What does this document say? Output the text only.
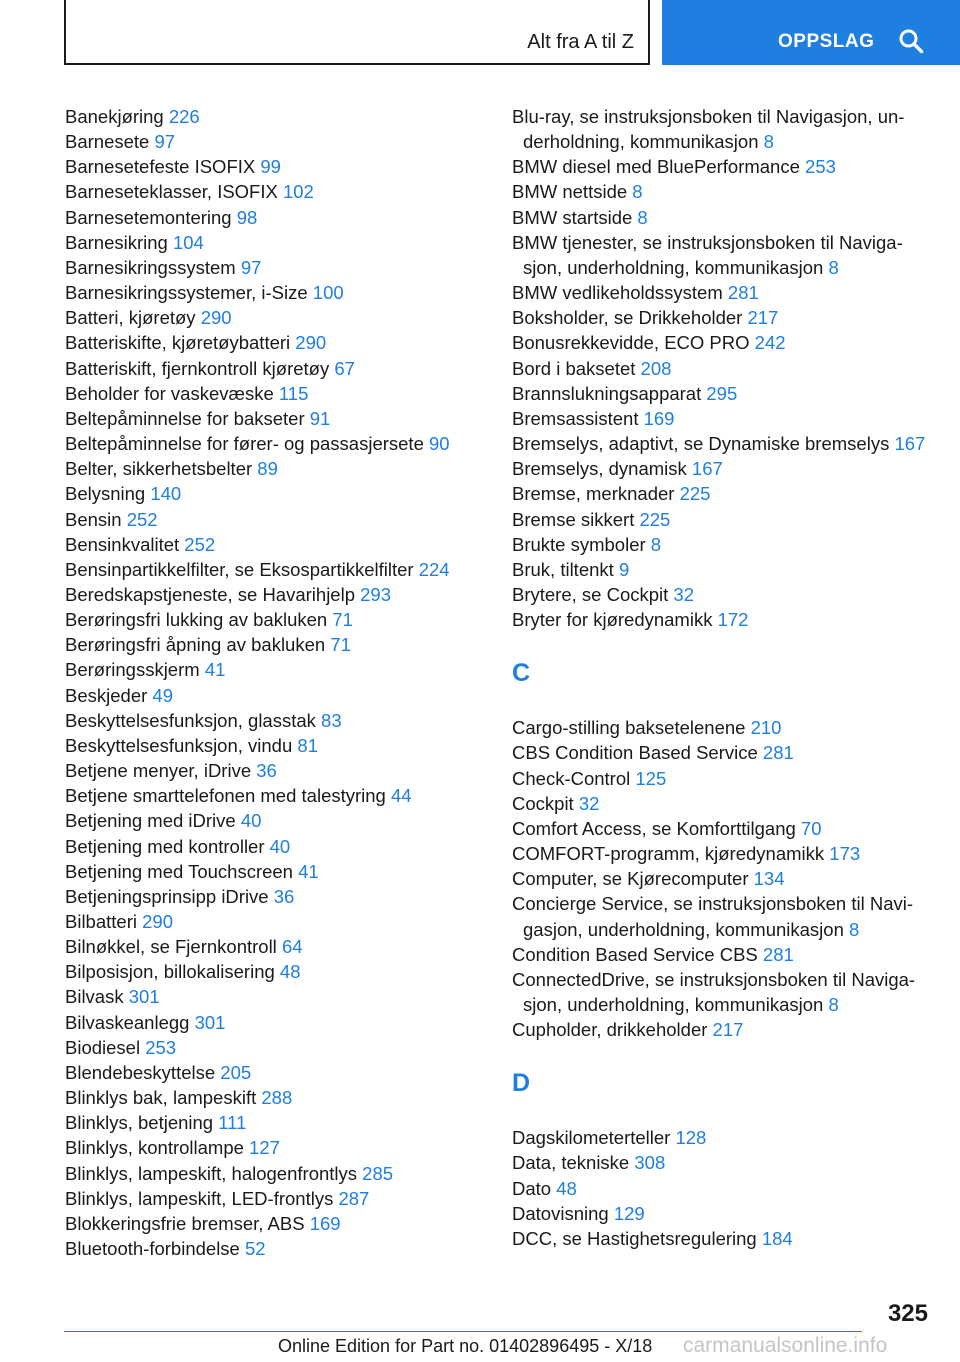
Alt fra A til Z	OPPSLAG
Banekjøring 226
Barnesete 97
Barnesetefeste ISOFIX 99
Barneseteklasser, ISOFIX 102
Barnesetemontering 98
Barnesikring 104
Barnesikringssystem 97
Barnesikringssystemer, i-Size 100
Batteri, kjøretøy 290
Batteriskifte, kjøretøybatteri 290
Batteriskift, fjernkontroll kjøretøy 67
Beholder for vaskevæske 115
Beltepåminnelse for bakseter 91
Beltepåminnelse for fører- og passasjersete 90
Belter, sikkerhetsbelter 89
Belysning 140
Bensin 252
Bensinkvalitet 252
Bensinpartikkelfilter, se Eksospartikkelfilter 224
Beredskapstjeneste, se Havarihjelp 293
Berøringsfri lukking av bakluken 71
Berøringsfri åpning av bakluken 71
Berøringsskjerm 41
Beskjeder 49
Beskyttelsesfunksjon, glasstak 83
Beskyttelsesfunksjon, vindu 81
Betjene menyer, iDrive 36
Betjene smarttelefonen med talestyring 44
Betjening med iDrive 40
Betjening med kontroller 40
Betjening med Touchscreen 41
Betjeningsprinsipp iDrive 36
Bilbatteri 290
Bilnøkkel, se Fjernkontroll 64
Bilposisjon, billokalisering 48
Bilvask 301
Bilvaskeanlegg 301
Biodiesel 253
Blendebeskyttelse 205
Blinklys bak, lampeskift 288
Blinklys, betjening 111
Blinklys, kontrollampe 127
Blinklys, lampeskift, halogenfrontlys 285
Blinklys, lampeskift, LED-frontlys 287
Blokkeringsfrie bremser, ABS 169
Bluetooth-forbindelse 52
Blu-ray, se instruksjonsboken til Navigasjon, underholdning, kommunikasjon 8
BMW diesel med BluePerformance 253
BMW nettside 8
BMW startside 8
BMW tjenester, se instruksjonsboken til Navigasjon, underholdning, kommunikasjon 8
BMW vedlikeholdssystem 281
Boksholder, se Drikkeholder 217
Bonusrekkevidde, ECO PRO 242
Bord i baksetet 208
Brannslukningsapparat 295
Bremsassistent 169
Bremselys, adaptivt, se Dynamiske bremselys 167
Bremselys, dynamisk 167
Bremse, merknader 225
Bremse sikkert 225
Brukte symboler 8
Bruk, tiltenkt 9
Brytere, se Cockpit 32
Bryter for kjøredynamikk 172
C
Cargo-stilling baksetelenene 210
CBS Condition Based Service 281
Check-Control 125
Cockpit 32
Comfort Access, se Komforttilgang 70
COMFORT-programm, kjøredynamikk 173
Computer, se Kjørecomputer 134
Concierge Service, se instruksjonsboken til Navigasjon, underholdning, kommunikasjon 8
Condition Based Service CBS 281
ConnectedDrive, se instruksjonsboken til Navigasjon, underholdning, kommunikasjon 8
Cupholder, drikkeholder 217
D
Dagskilometerteller 128
Data, tekniske 308
Dato 48
Datovisning 129
DCC, se Hastighetsregulering 184
325
Online Edition for Part no. 01402896495 - X/18 carmanualsonline.info
